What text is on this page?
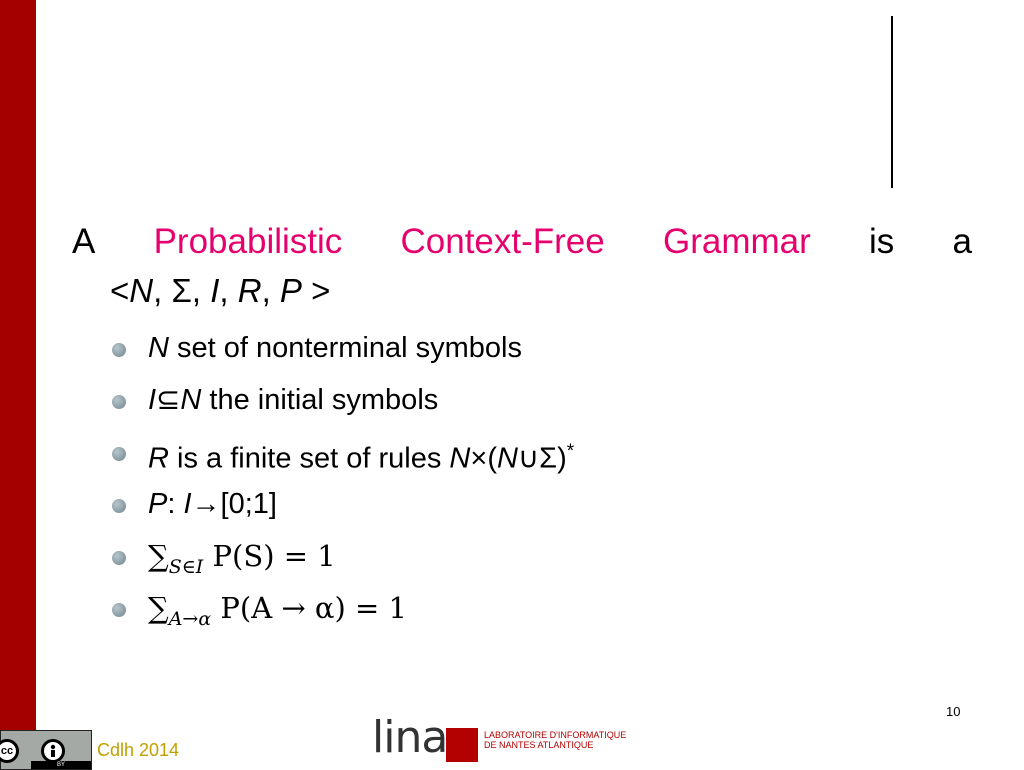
A Probabilistic Context-Free Grammar is a
<N, Σ, I, R, P >
N set of nonterminal symbols
I⊆N the initial symbols
R is a finite set of rules N×(N∪Σ)*
P: I→[0;1]
$\sum_{S\in I}$ P(S) = 1
$\sum_{A\to\alpha}$ P(A → α) = 1
10
cc
BY
Cdlh 2014	lina	LABORATOIRE D'INFORMATIQUE
DE NANTES ATLANTIQUE
